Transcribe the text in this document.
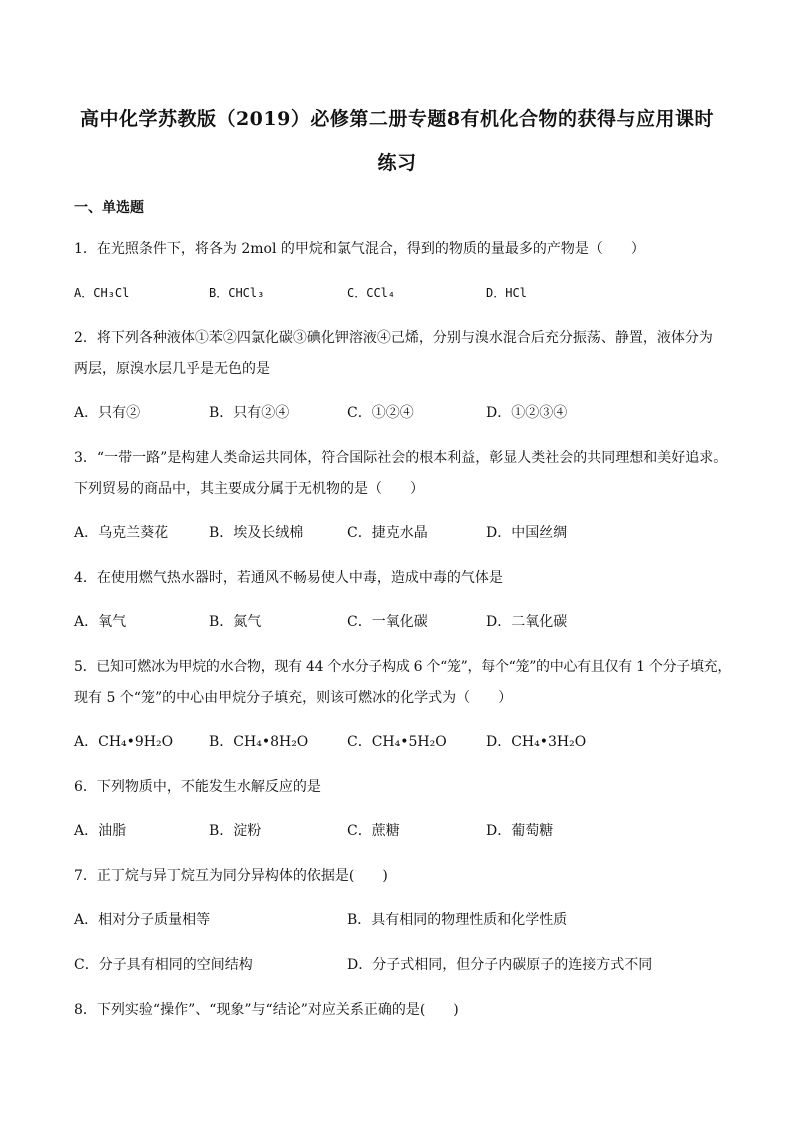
高中化学苏教版（2019）必修第二册专题8有机化合物的获得与应用课时
练习
一、单选题
1．在光照条件下，将各为 2mol 的甲烷和氯气混合，得到的物质的量最多的产物是（　　）
A．CH₃Cl	B．CHCl₃	C．CCl₄	D．HCl
2．将下列各种液体①苯②四氯化碳③碘化钾溶液④己烯，分别与溴水混合后充分振荡、静置，液体分为
两层，原溴水层几乎是无色的是
A．只有②	B．只有②④	C．①②④	D．①②③④
3．“一带一路”是构建人类命运共同体，符合国际社会的根本利益，彰显人类社会的共同理想和美好追求。
下列贸易的商品中，其主要成分属于无机物的是（　　）
A．乌克兰葵花	B．埃及长绒棉	C．捷克水晶	D．中国丝绸
4．在使用燃气热水器时，若通风不畅易使人中毒，造成中毒的气体是
A．氧气	B．氮气	C．一氧化碳	D．二氧化碳
5．已知可燃冰为甲烷的水合物，现有 44 个水分子构成 6 个“笼”，每个“笼”的中心有且仅有 1 个分子填充，
现有 5 个“笼”的中心由甲烷分子填充，则该可燃冰的化学式为（　　）
A．CH₄•9H₂O	B．CH₄•8H₂O	C．CH₄•5H₂O	D．CH₄•3H₂O
6．下列物质中，不能发生水解反应的是
A．油脂	B．淀粉	C．蔗糖	D．葡萄糖
7．正丁烷与异丁烷互为同分异构体的依据是(　　)
A．相对分子质量相等	B．具有相同的物理性质和化学性质
C．分子具有相同的空间结构	D．分子式相同，但分子内碳原子的连接方式不同
8．下列实验“操作”、“现象”与“结论”对应关系正确的是(　　)
